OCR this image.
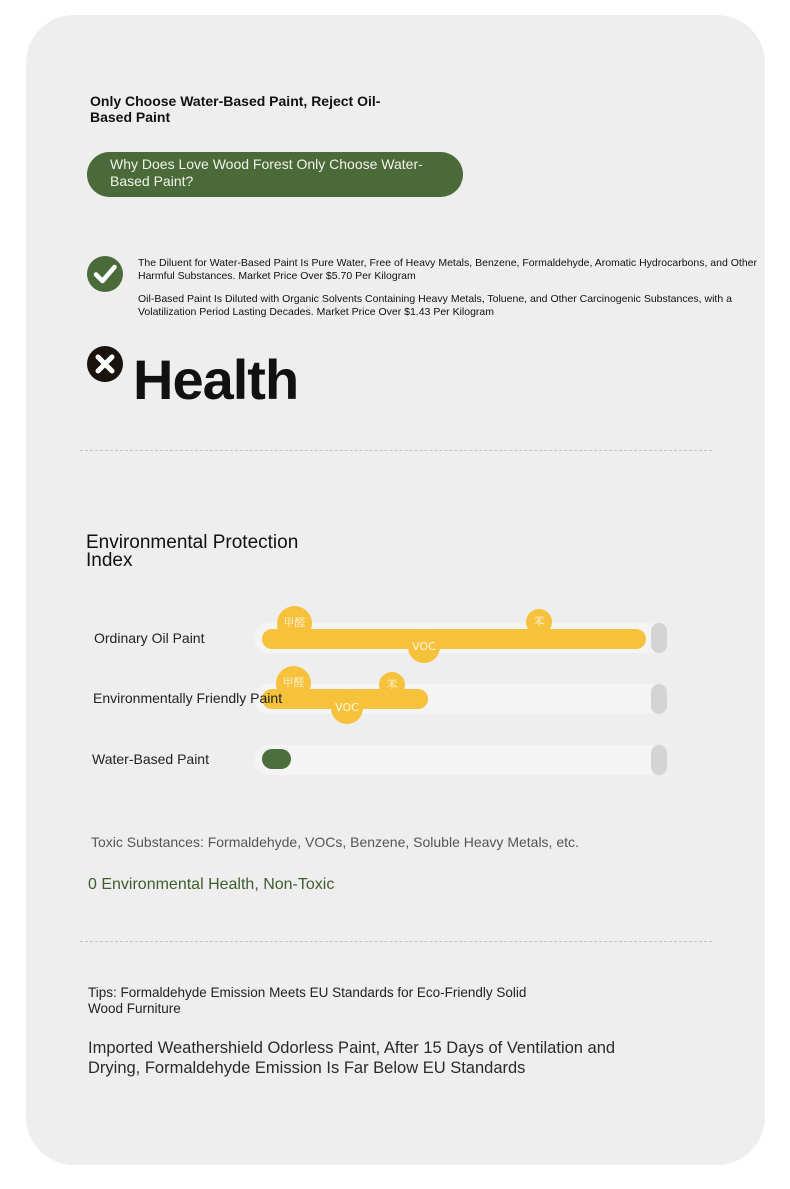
Only Choose Water-Based Paint, Reject Oil-Based Paint
Why Does Love Wood Forest Only Choose Water-Based Paint?
The Diluent for Water-Based Paint Is Pure Water, Free of Heavy Metals, Benzene, Formaldehyde, Aromatic Hydrocarbons, and Other Harmful Substances. Market Price Over $5.70 Per Kilogram
Oil-Based Paint Is Diluted with Organic Solvents Containing Heavy Metals, Toluene, and Other Carcinogenic Substances, with a Volatilization Period Lasting Decades. Market Price Over $1.43 Per Kilogram
Health
Environmental Protection Index
甲醛	苯
VOC
Ordinary Oil Paint
甲醛	苯
VOC
Environmentally Friendly Paint
Water-Based Paint
Toxic Substances: Formaldehyde, VOCs, Benzene, Soluble Heavy Metals, etc.
0 Environmental Health, Non-Toxic
Tips: Formaldehyde Emission Meets EU Standards for Eco-Friendly Solid Wood Furniture
Imported Weathershield Odorless Paint, After 15 Days of Ventilation and Drying, Formaldehyde Emission Is Far Below EU Standards
